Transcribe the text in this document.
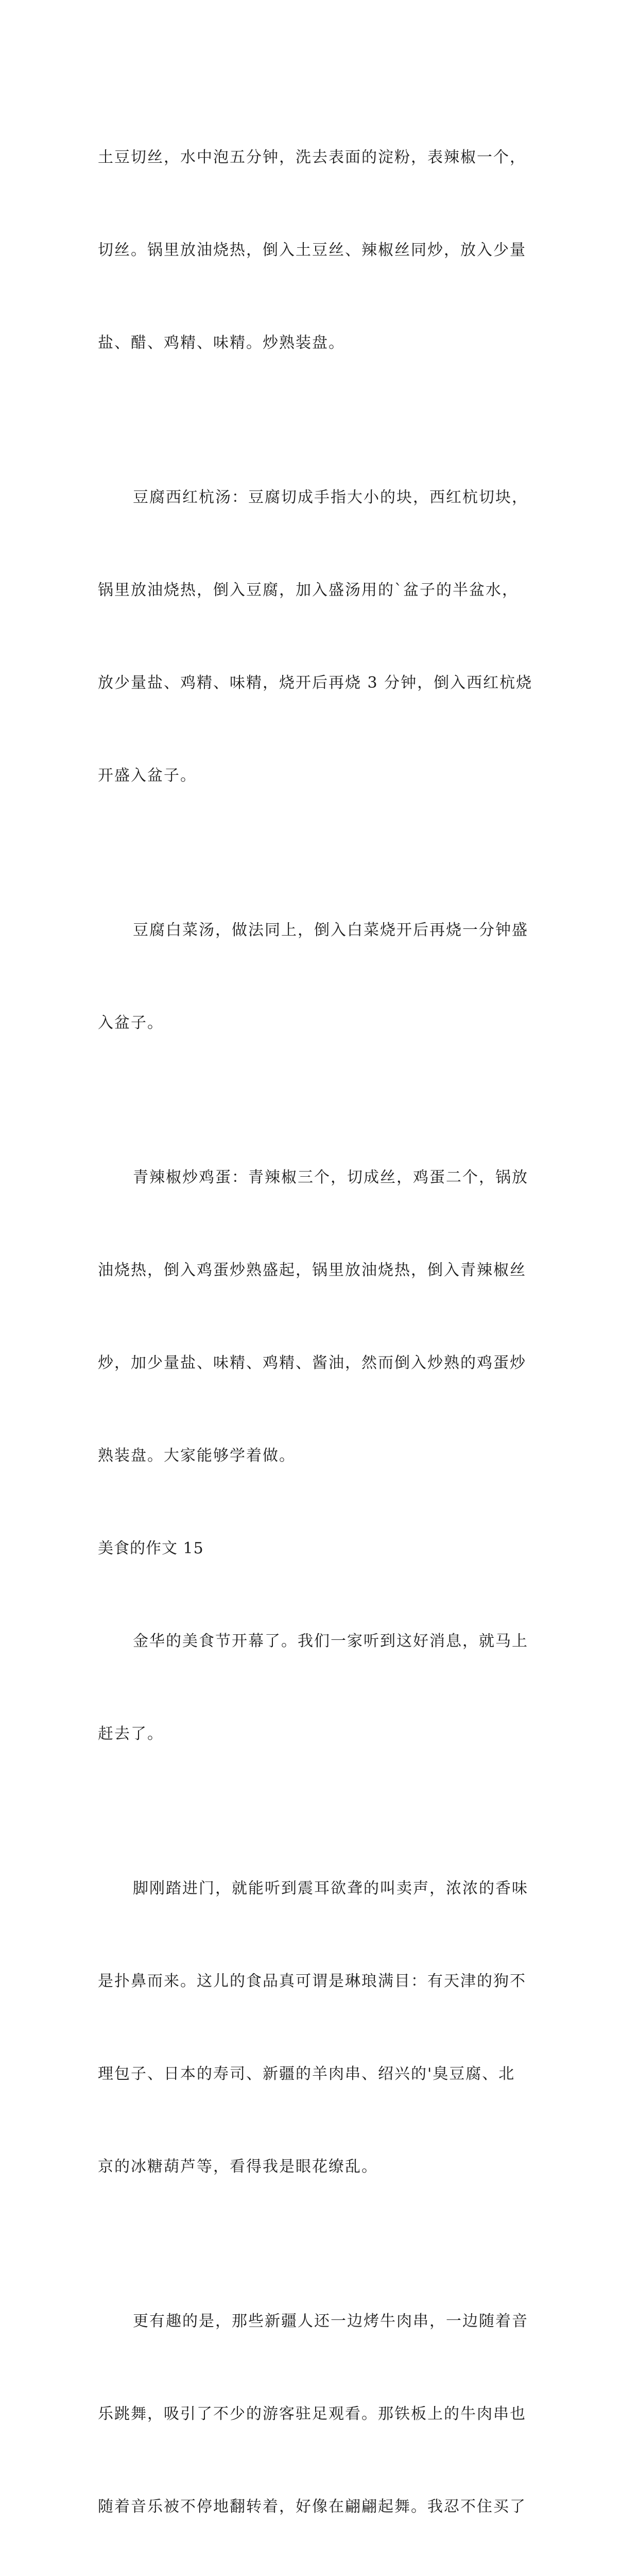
土豆切丝，水中泡五分钟，洗去表面的淀粉，表辣椒一个，

切丝。锅里放油烧热，倒入土豆丝、辣椒丝同炒，放入少量

盐、醋、鸡精、味精。炒熟装盘。

豆腐西红杭汤：豆腐切成手指大小的块，西红杭切块，

锅里放油烧热，倒入豆腐，加入盛汤用的`盆子的半盆水，

放少量盐、鸡精、味精，烧开后再烧 3 分钟，倒入西红杭烧

开盛入盆子。

豆腐白菜汤，做法同上，倒入白菜烧开后再烧一分钟盛

入盆子。

青辣椒炒鸡蛋：青辣椒三个，切成丝，鸡蛋二个，锅放

油烧热，倒入鸡蛋炒熟盛起，锅里放油烧热，倒入青辣椒丝

炒，加少量盐、味精、鸡精、酱油，然而倒入炒熟的鸡蛋炒

熟装盘。大家能够学着做。

美食的作文 15

金华的美食节开幕了。我们一家听到这好消息，就马上

赶去了。

脚刚踏进门，就能听到震耳欲聋的叫卖声，浓浓的香味

是扑鼻而来。这儿的食品真可谓是琳琅满目：有天津的狗不

理包子、日本的寿司、新疆的羊肉串、绍兴的'臭豆腐、北

京的冰糖葫芦等，看得我是眼花缭乱。

更有趣的是，那些新疆人还一边烤牛肉串，一边随着音

乐跳舞，吸引了不少的游客驻足观看。那铁板上的牛肉串也

随着音乐被不停地翻转着，好像在翩翩起舞。我忍不住买了
